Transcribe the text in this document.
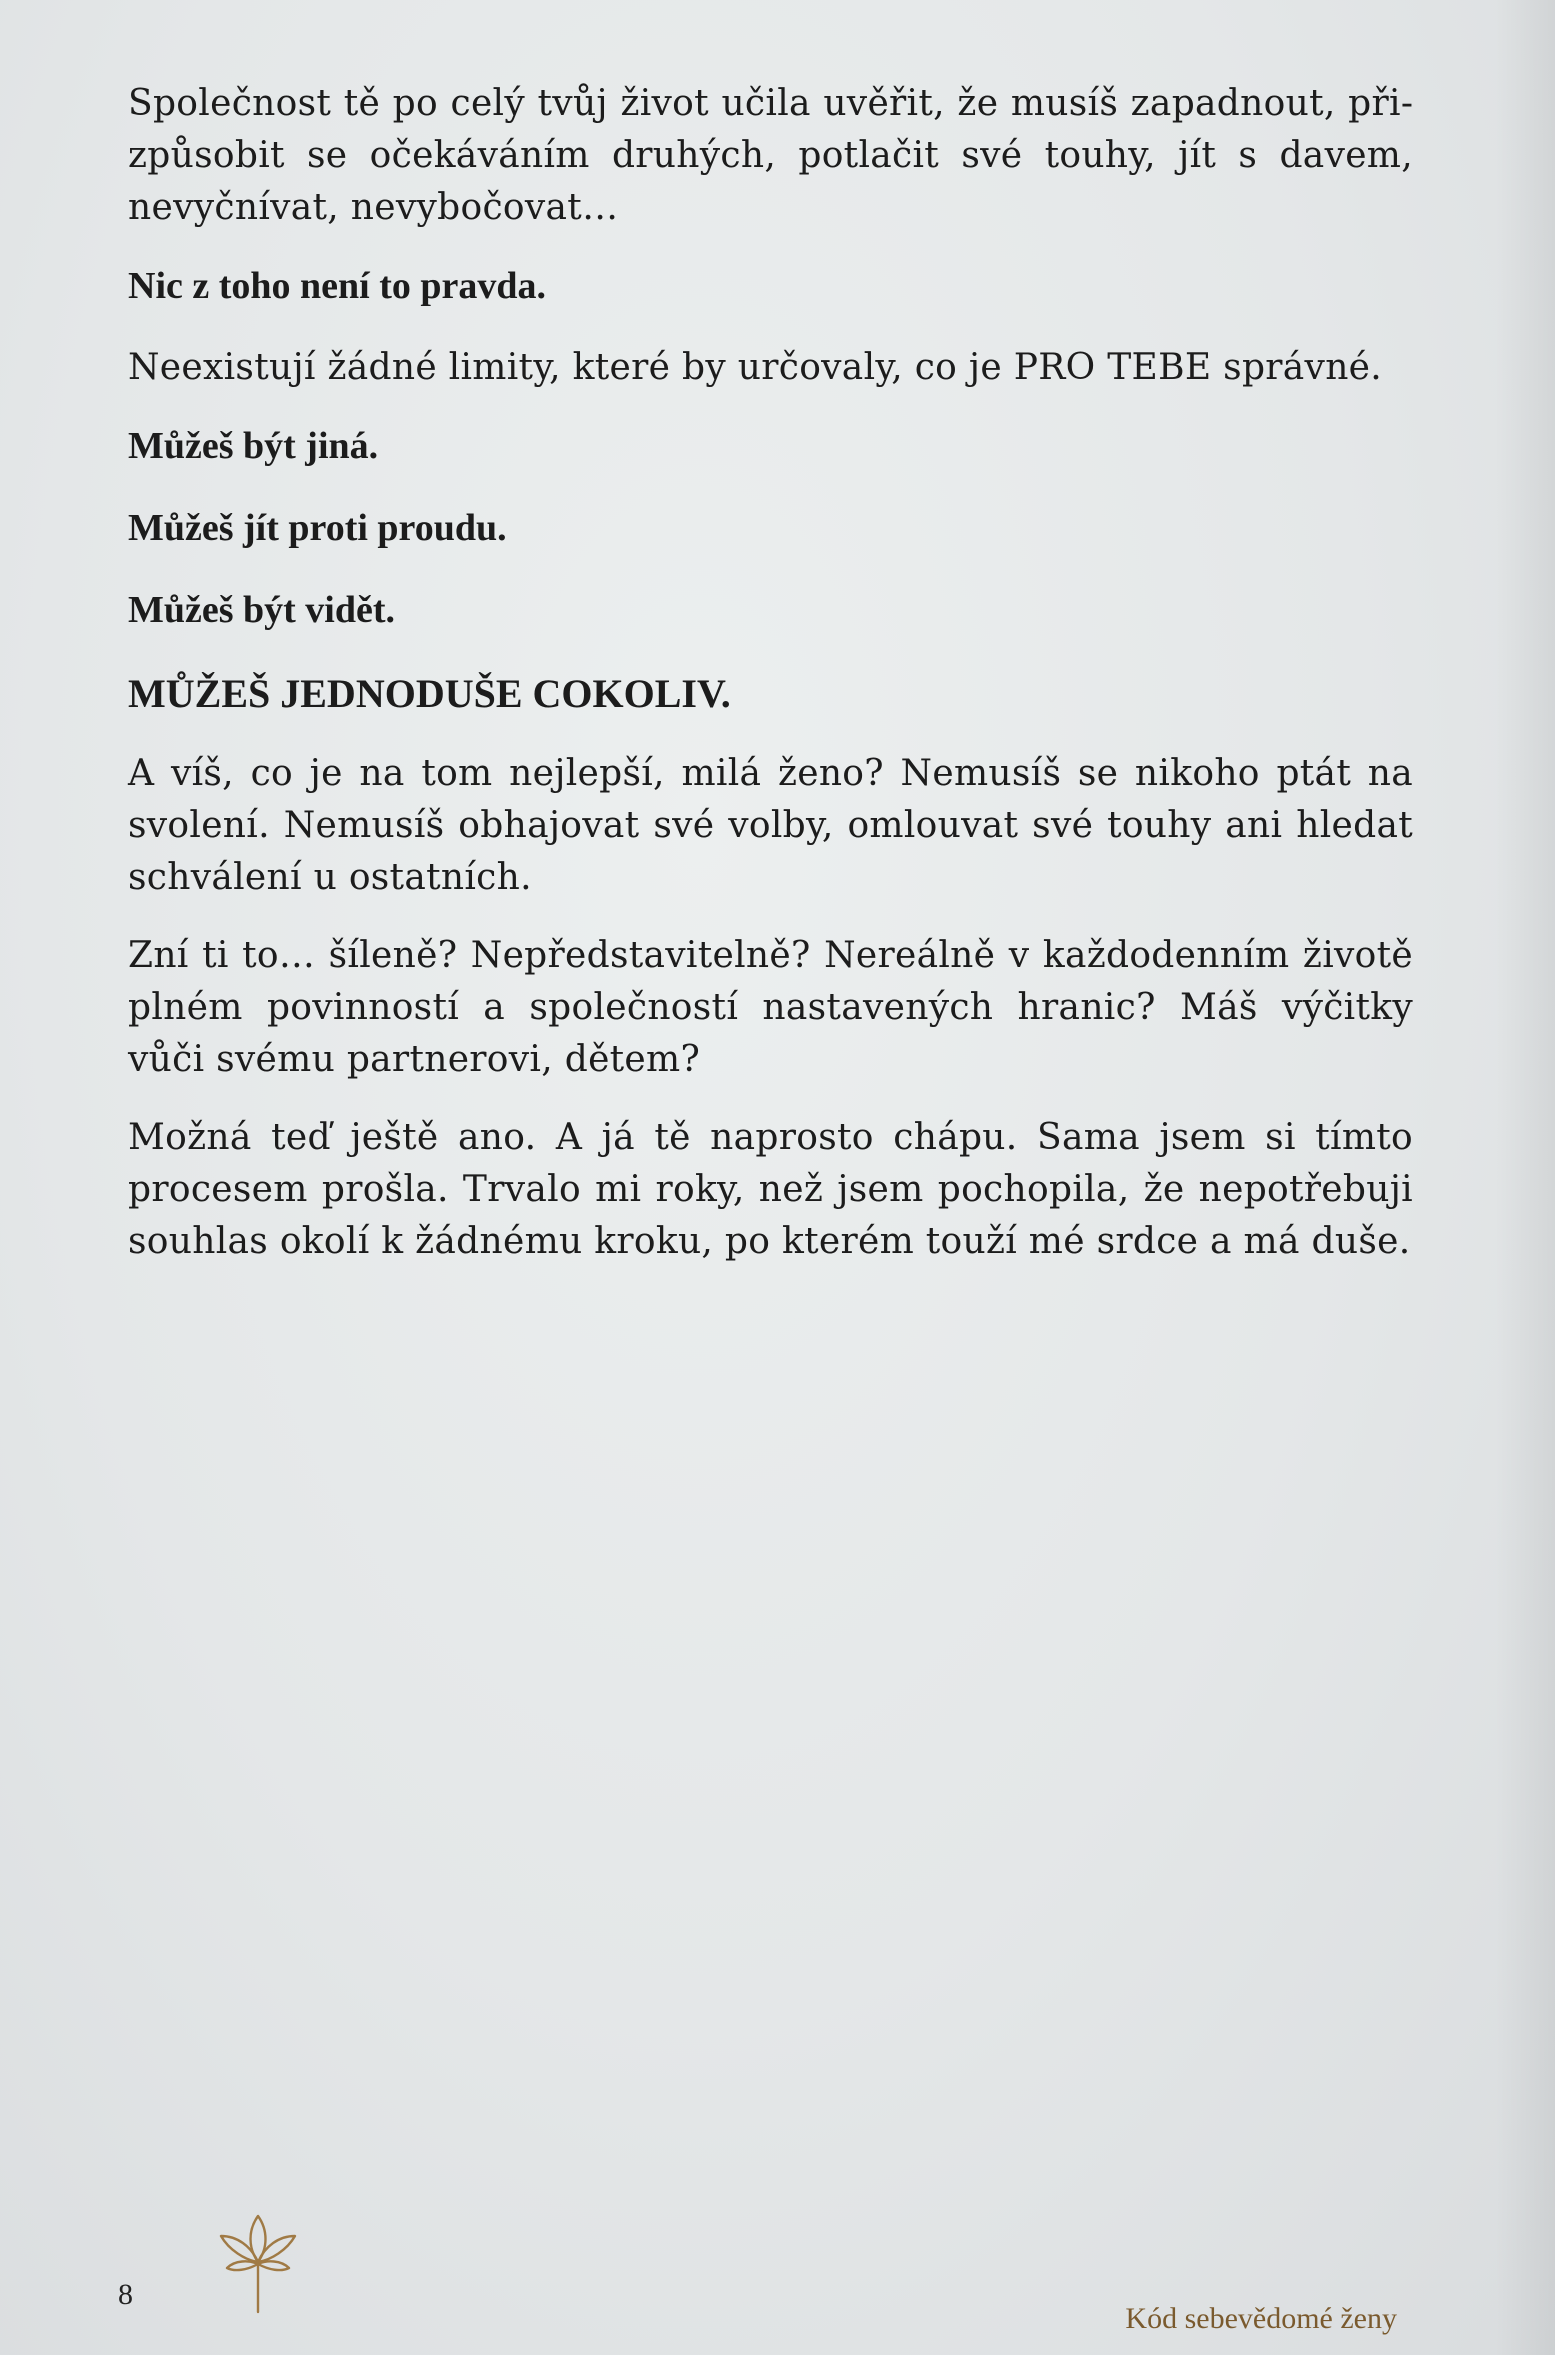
Společnost tě po celý tvůj život učila uvěřit, že musíš zapadnout, přizpůsobit se očekáváním druhých, potlačit své touhy, jít s davem, nevyčnívat, nevybočovat…

Nic z toho není to pravda.

Neexistují žádné limity, které by určovaly, co je PRO TEBE správné.

Můžeš být jiná.

Můžeš jít proti proudu.

Můžeš být vidět.

MŮŽEŠ JEDNODUŠE COKOLIV.

A víš, co je na tom nejlepší, milá ženo? Nemusíš se nikoho ptát na svolení. Nemusíš obhajovat své volby, omlouvat své touhy ani hledat schválení u ostatních.

Zní ti to… šíleně? Nepředstavitelně? Nereálně v každodenním životě plném povinností a společností nastavených hranic? Máš výčitky vůči svému partnerovi, dětem?

Možná teď ještě ano. A já tě naprosto chápu. Sama jsem si tímto procesem prošla. Trvalo mi roky, než jsem pochopila, že nepotřebuji souhlas okolí k žádnému kroku, po kterém touží mé srdce a má duše.

8
Kód sebevědomé ženy
